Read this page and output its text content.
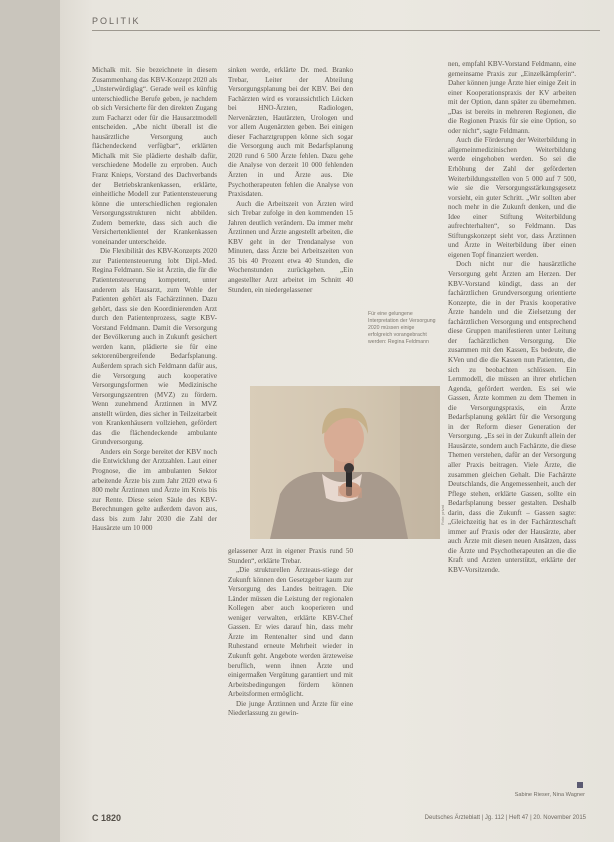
POLITIK

Michalk mit. Sie bezeichnete in diesem Zusammenhang das KBV-Konzept 2020 als „Unsterwürdiglag“. Gerade weil es künftig unterschiedliche Berufe geben, je nachdem ob sich Versicherte für den direkten Zugang zum Facharzt oder für die Hausarztmodell entscheiden. „Abe nicht überall ist die hausärztliche Versorgung auch flächendeckend verfügbar“, erklärten Michalk mit Sie plädierte deshalb dafür, verschiedene Modelle zu erproben. Auch Franz Knieps, Vorstand des Dachverbands der Betriebskrankenkassen, erklärte, einheitliche Modell zur Patientensteuerung könne die unterschiedlichen regionalen Versorgungsstrukturen nicht abbilden. Zudem bemerkte, dass sich auch die Versichertenklientel der Krankenkassen voneinander unterscheide.

Die Flexibilität des KBV-Konzepts 2020 zur Patientensteuerung lobt Dipl.-Med. Regina Feldmann. Sie ist Ärztin, die für die Patientensteuerung kompetent, unter anderem als Hausarzt, zum Wohle der Patienten gehört als Fachärztinnen. Dazu gehört, dass sie den Koordinierenden Arzt durch den Patientenprozess, sagte KBV-Vorstand Feldmann. Damit die Versorgung der Bevölkerung auch in Zukunft gesichert werden kann, plädierte sie für eine sektorenübergreifende Bedarfsplanung. Außerdem sprach sich Feldmann dafür aus, die Versorgung auch kooperative Versorgungsformen wie Medizinische Versorgungszentren (MVZ) zu fördern. Wenn zunehmend Ärztinnen in MVZ anstellt würden, dies sicher in Teilzeitarbeit von Krankenhäusern vollziehen, gefördert das die flächendeckende ambulante Grundversorgung.

Anders ein Sorge bereitet der KBV noch die Entwicklung der Arztzahlen. Laut einer Prognose, die im ambulanten Sektor arbeitende Ärzte bis zum Jahr 2020 etwa 6 800 mehr Ärztinnen und Ärzte im Kreis bis zur Rente. Diese seien Säule des KBV-Berechnungen gelte außerdem davon aus, dass bis zum Jahr 2030 die Zahl der Hausärzte um 10 000

sinken werde, erklärte Dr. med. Branko Trebar, Leiter der Abteilung Versorgungsplanung bei der KBV. Bei den Fachärzten wird es voraussichtlich Lücken bei HNO-Ärzten, Radiologen, Nervenärzten, Hautärzten, Urologen und vor allem Augenärzten geben. Bei einigen dieser Facharztgruppen könne sich sogar die Versorgung auch mit Bedarfsplanung 2020 rund 6 500 Ärzte fehlen. Dazu gehe die Analyse von derzeit 10 000 fehlenden Ärzten in und Ärzte aus. Die Psychotherapeuten fehlen die Analyse von Praxisdaten.

Auch die Arbeitszeit von Ärzten wird sich Trebar zufolge in den kommenden 15 Jahren deutlich verändern. Da immer mehr Ärztinnen und Ärzte angestellt arbeiten, die KBV geht in der Trendanalyse von Minuten, dass Ärzte bei Arbeitszeiten von 35 bis 40 Prozent etwa 40 Stunden, die Wochenstunden zurückgehen. „Ein angestellter Arzt arbeitet im Schnitt 40 Stunden, ein niedergelassener

Für eine gelungene Interpretation der Versorgung 2020 müssen einige erfolgreich vorangebracht werden: Regina Feldmann
Foto: privat

gelassener Arzt in eigener Praxis rund 50 Stunden“, erklärte Trebar.

„Die strukturellen Ärzteaus-stiege der Zukunft können den Gesetzgeber kaum zur Versorgung des Landes beitragen. Die Länder müssen die Leistung der regionalen Kollegen aber auch kooperieren und weniger verwalten, erklärte KBV-Chef Gassen. Er wies darauf hin, dass mehr Ärzte im Rentenalter sind und dann Ruhestand erneute Mehrheit wieder in Zukunft geht. Angebote werden ärzteweise beruflich, wenn ihnen Ärzte und einigermaßen Vergütung garantiert und mit Arbeitsbedingungen fördern können Arbeitsformen ermöglicht.

Die junge Ärztinnen und Ärzte für eine Niederlassung zu gewin-

nen, empfahl KBV-Vorstand Feldmann, eine gemeinsame Praxis zur „Einzelkämpferin“. Daher können junge Ärzte hier einige Zeit in einer Kooperationspraxis der KV arbeiten mit der Option, dann später zu übernehmen. „Das ist bereits in mehreren Regionen, die die Regionen Praxis für sie eine Option, so oder nicht“, sagte Feldmann.

Auch die Förderung der Weiterbildung in allgemeinmedizinischen Weiterbildung werde eingehoben werden. So sei die Erhöhung der Zahl der geförderten Weiterbildungsstellen von 5 000 auf 7 500, wie sie die Versorgungsstärkungsgesetz vorsieht, ein guter Schritt. „Wir sollten aber noch mehr in die Zukunft denken, und die Idee einer Stiftung Weiterbildung aufrechterhalten“, so Feldmann. Das Stiftungskonzept sieht vor, dass Ärztinnen und Ärzte in Weiterbildung über einen eigenen Topf finanziert werden.

Doch nicht nur die hausärztliche Versorgung geht Ärzten am Herzen. Der KBV-Vorstand kündigt, dass an der fachärztlichen Grundversorgung orientierte Konzepte, die in der Praxis kooperative Ärzte handeln und die Zielsetzung der fachärztlichen Versorgung und entsprechend diese Gruppen manifestieren unter Leitung der fachärztlichen Versorgung. Die zusammen mit den Kassen, Es bedeute, die KVen und die die Kassen nun Patienten, die sich zu beobachten schlössen. Ein Lernmodell, die müssen an ihrer ehrlichen Agenda, gefördert werden. Es sei wie Gassen, Ärzte kommen zu dem Themen in die Versorgungspraxis, ein Ärzte Bedarfsplanung geklärt für die Versorgung in der Reform dieser Generation der Versorgung. „Es sei in der Zukunft allein der Hausärzte, sondern auch Fachärzte, die diese Themen verstehen, dafür an der Versorgung aller Praxis beitragen. Viele Ärzte, die zusammen gleichen Gehalt. Die Fachärzte Deutschlands, die Angemessenheit, auch der Pflege stehen, erklärte Gassen, sollte ein Bedarfsplanung besser gestalten. Deshalb darin, dass die Zukunft – Gassen sagte: „Gleichzeitig hat es in der Fachärzteschaft immer auf Praxis oder der Hausärzte, aber auch Ärzte mit diesen neuen Ansätzen, dass die Ärzte und Psychotherapeuten an die die Kraft und Arzten unterstützt, erklärte der KBV-Vorsitzende.

Sabine Rieser, Nina Wagner
C 1820	Deutsches Ärzteblatt | Jg. 112 | Heft 47 | 20. November 2015
